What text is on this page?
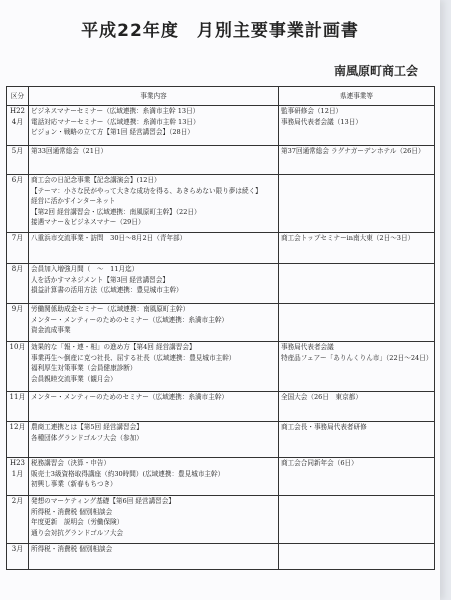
平成22年度　月別主要事業計画書
南風原町商工会
区分	事業内容	県連事業等

H22
4月	ビジネスマナーセミナー（広域連携：糸満市主幹 13日）
電話対応マナーセミナー（広域連携：糸満市主幹 13日）
ビジョン・戦略の立て方【第1回 経営講習会】（28日）	監事研修会（12日）
事務局代表者会議（13日）

5月	第33回通常総会（21日）	第37回通常総会 ラグナガーデンホテル（26日）

6月	商工会の日記念事業【記念講演会】(12日）
【テーマ：小さな民がやって大きな成功を得る、あきらめない限り夢は続く】
経営に活かすインターネット
【第2回 経営講習会・広域連携：南風原町主幹】（22日）
接遇マナー＆ビジネスマナー（29日）	

7月	八重浜市交流事業・訪問　30日～8月2日（青年部）	商工会トップセミナーin南大東（2日～3日）

8月	会員加入増強月間（　～　11月迄）
人を活かすマネジメント【第3回 経営講習会】
損益計算書の活用方法（広域連携：豊見城市主幹）	

9月	労働関係助成金セミナー（広域連携：南風原町主幹）
メンター・メンティーのためのセミナー（広域連携：糸満市主幹）
資金流成事業	

10月	効果的な「報・連・相」の進め方【第4回 経営講習会】
事業再生～倒産に克つ社長、屈する社長（広域連携：豊見城市主幹）
福利厚生対策事業（会員健康診断）
会員親睦交流事業（観月会）	事務局代表者会議
特産品フェアー「ありんくりん市」（22日～24日）

11月	メンター・メンティーのためのセミナー（広域連携：糸満市主幹）	全国大会（26日　東京都）

12月	農商工連携とは【第5回 経営講習会】
各種団体グランドゴルフ大会（参加）	商工会長・事務局代表者研修

H23
1月	税務講習会（決算・申告）
販売士3級資格取得講座（約30時間）(広域連携：豊見城市主幹）
初興し事業（新春もちつき）	商工会合同新年会（6日）

2月	発想のマーケティング基礎【第6回 経営講習会】
所得税・消費税 個別相談会
年度更新　説明会（労働保険）
通り会対抗グランドゴルフ大会	

3月	所得税・消費税 個別相談会	
